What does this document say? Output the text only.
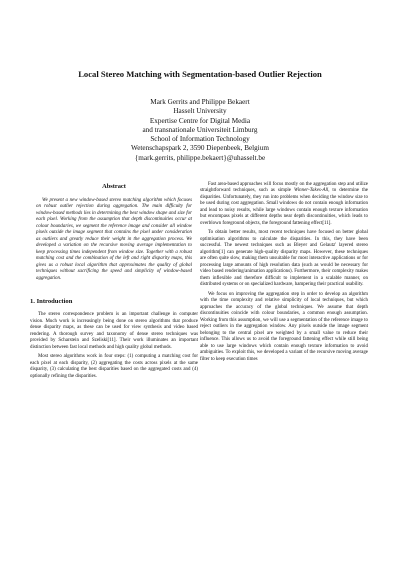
Local Stereo Matching with Segmentation-based Outlier Rejection
Mark Gerrits and Philippe Bekaert
Hasselt University
Expertise Centre for Digital Media
and transnationale Universiteit Limburg
School of Information Technology
Wetenschapspark 2, 3590 Diepenbeek, Belgium
{mark.gerrits, philippe.bekaert}@uhasselt.be
Abstract

We present a new window-based stereo matching algorithm which focuses on robust outlier rejection during aggregation. The main difficulty for window-based methods lies in determining the best window shape and size for each pixel. Working from the assumption that depth discontinuities occur at colour boundaries, we segment the reference image and consider all window pixels outside the image segment that contains the pixel under consideration as outliers and greatly reduce their weight in the aggregation process. We developed a variation on the recursive moving average implementation to keep processing times independent from window size. Together with a robust matching cost and the combination of the left and right disparity maps, this gives us a robust local algorithm that approximates the quality of global techniques without sacrificing the speed and simplicity of window-based aggregation.

1. Introduction

The stereo correspondence problem is an important challenge in computer vision. Much work is increasingly being done on stereo algorithms that produce dense disparity maps, as these can be used for view synthesis and video based rendering. A thorough survey and taxonomy of dense stereo techniques was provided by Scharstein and Szeliski[11]. Their work illuminates an important distinction between fast local methods and high quality global methods.

Most stereo algorithms work in four steps: (1) computing a matching cost for each pixel at each disparity, (2) aggregating the costs across pixels at the same disparity, (3) calculating the best disparities based on the aggregated costs and (4) optionally refining the disparities.

Fast area-based approaches will focus mostly on the aggregation step and utilize straightforward techniques, such as simple Winner-Takes-All, to determine the disparities. Unfortunately, they run into problems when deciding the window size to be used during cost aggregation. Small windows do not contain enough information and lead to noisy results, while large windows contain enough texture information but encompass pixels at different depths near depth discontinuities, which leads to overblown foreground objects, the foreground fattening effect[11].

To obtain better results, most recent techniques have focused on better global optimisation algorithms to calculate the disparities. In this, they have been successful. The newest techniques such as Bleyer and Gelautz' layered stereo algorithm[1] can generate high-quality disparity maps. However, these techniques are often quite slow, making them unsuitable for most interactive applications or for processing large amounts of high resolution data (such as would be necessary for video based rendering/animation applications). Furthermore, their complexity makes them inflexible and therefore difficult to implement in a scalable manner, on distributed systems or on specialized hardware, hampering their practical usability.

We focus on improving the aggregation step in order to develop an algorithm with the time complexity and relative simplicity of local techniques, but which approaches the accuracy of the global techniques. We assume that depth discontinuities coincide with colour boundaries, a common enough assumption. Working from this assumption, we will use a segmentation of the reference image to reject outliers in the aggregation window. Any pixels outside the image segment belonging to the central pixel are weighted by a small value to reduce their influence. This allows us to avoid the foreground fattening effect while still being able to use large windows which contain enough texture information to avoid ambiguities. To exploit this, we developed a variant of the recursive moving average filter to keep execution times
